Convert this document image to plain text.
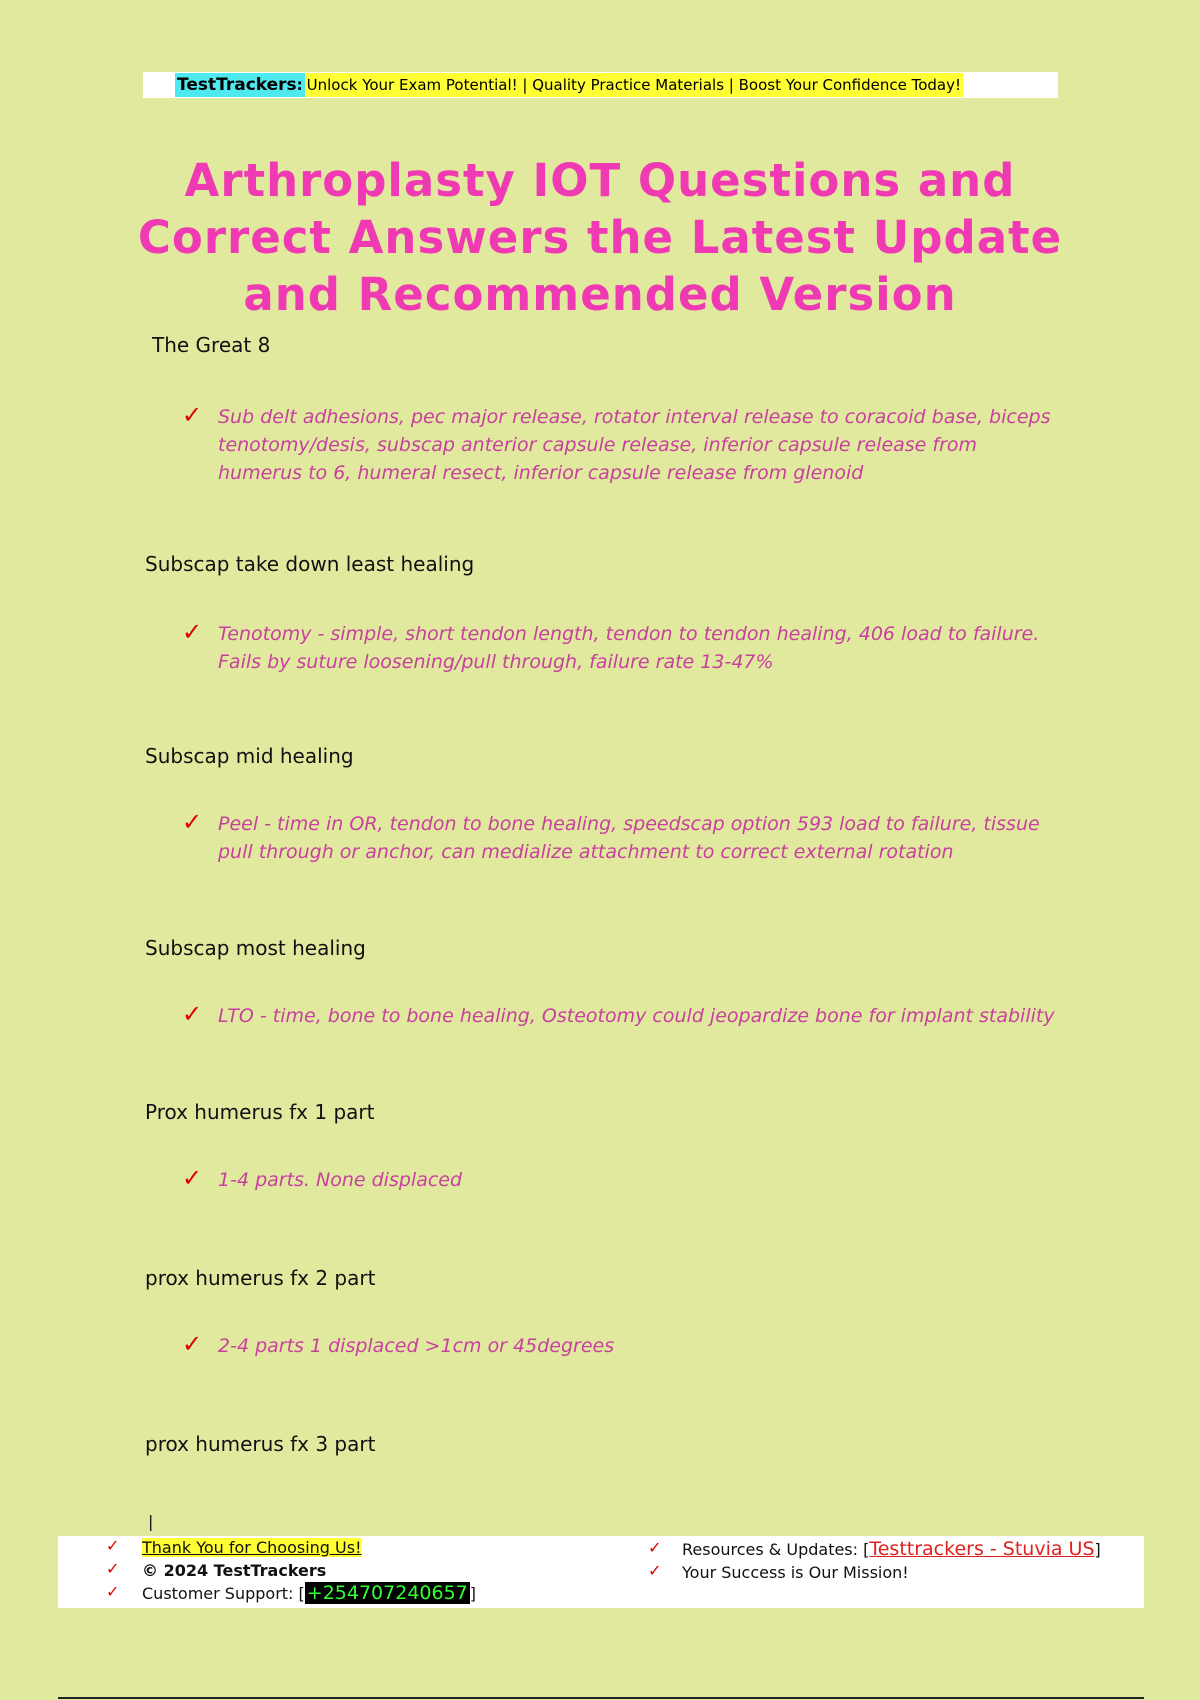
TestTrackers: Unlock Your Exam Potential! | Quality Practice Materials | Boost Your Confidence Today!
Arthroplasty IOT Questions and Correct Answers the Latest Update and Recommended Version
The Great 8
✓ Sub delt adhesions, pec major release, rotator interval release to coracoid base, biceps tenotomy/desis, subscap anterior capsule release, inferior capsule release from humerus to 6, humeral resect, inferior capsule release from glenoid
Subscap take down least healing
✓ Tenotomy - simple, short tendon length, tendon to tendon healing, 406 load to failure. Fails by suture loosening/pull through, failure rate 13-47%
Subscap mid healing
✓ Peel - time in OR, tendon to bone healing, speedscap option 593 load to failure, tissue pull through or anchor, can medialize attachment to correct external rotation
Subscap most healing
✓ LTO - time, bone to bone healing, Osteotomy could jeopardize bone for implant stability
Prox humerus fx 1 part
✓ 1-4 parts. None displaced
prox humerus fx 2 part
✓ 2-4 parts 1 displaced >1cm or 45degrees
prox humerus fx 3 part
|
✓ Thank You for Choosing Us!
✓ © 2024 TestTrackers
✓ Customer Support: [ +254707240657 ]
✓ Resources & Updates: [Testtrackers - Stuvia US]
✓ Your Success is Our Mission!
